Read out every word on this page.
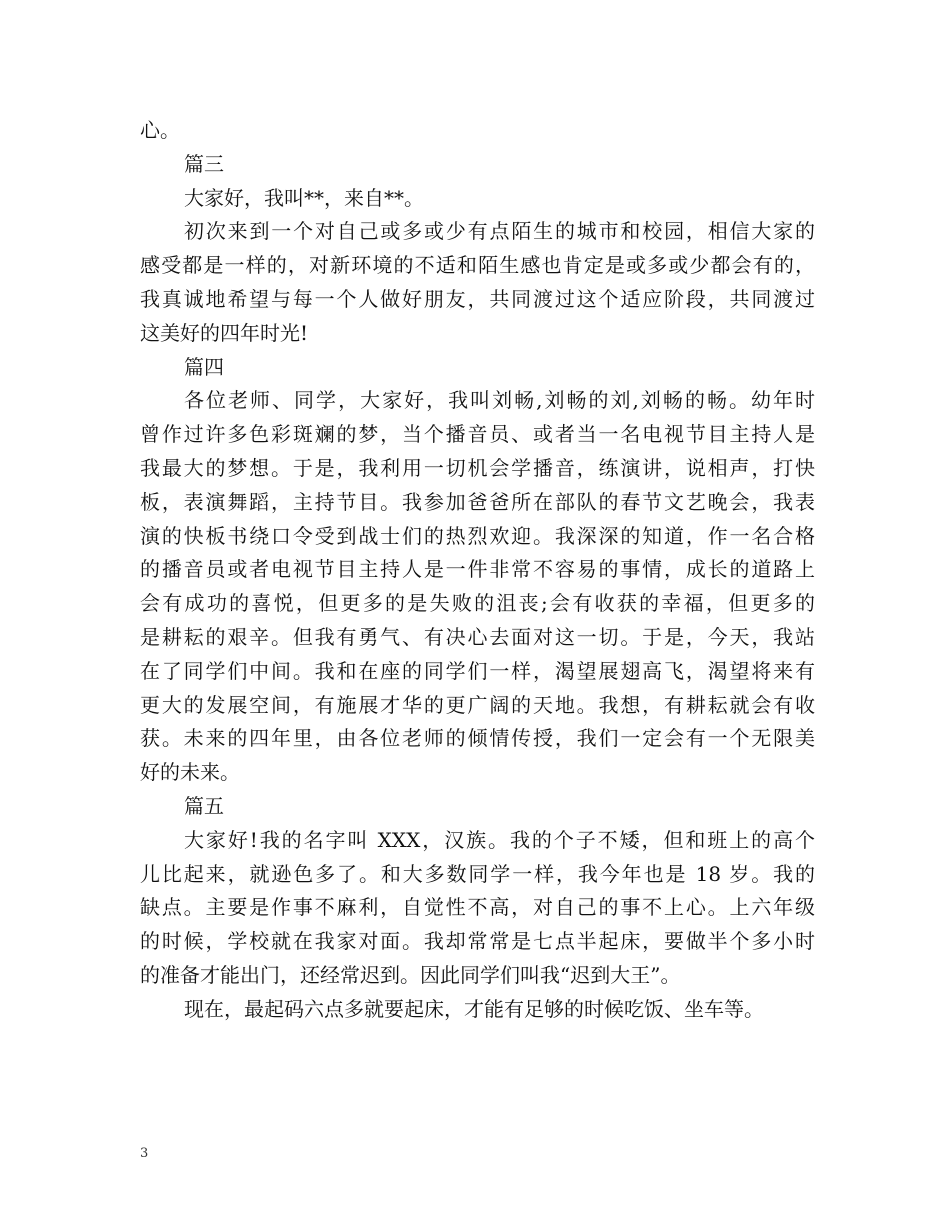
心。
篇三
大家好，我叫**，来自**。
初次来到一个对自己或多或少有点陌生的城市和校园，相信大家的
感受都是一样的，对新环境的不适和陌生感也肯定是或多或少都会有的，
我真诚地希望与每一个人做好朋友，共同渡过这个适应阶段，共同渡过
这美好的四年时光!
篇四
各位老师、同学，大家好，我叫刘畅,刘畅的刘,刘畅的畅。幼年时
曾作过许多色彩斑斓的梦，当个播音员、或者当一名电视节目主持人是
我最大的梦想。于是，我利用一切机会学播音，练演讲，说相声，打快
板，表演舞蹈，主持节目。我参加爸爸所在部队的春节文艺晚会，我表
演的快板书绕口令受到战士们的热烈欢迎。我深深的知道，作一名合格
的播音员或者电视节目主持人是一件非常不容易的事情，成长的道路上
会有成功的喜悦，但更多的是失败的沮丧;会有收获的幸福，但更多的
是耕耘的艰辛。但我有勇气、有决心去面对这一切。于是，今天，我站
在了同学们中间。我和在座的同学们一样，渴望展翅高飞，渴望将来有
更大的发展空间，有施展才华的更广阔的天地。我想，有耕耘就会有收
获。未来的四年里，由各位老师的倾情传授，我们一定会有一个无限美
好的未来。
篇五
大家好!我的名字叫 XXX，汉族。我的个子不矮，但和班上的高个
儿比起来，就逊色多了。和大多数同学一样，我今年也是 18 岁。我的
缺点。主要是作事不麻利，自觉性不高，对自己的事不上心。上六年级
的时候，学校就在我家对面。我却常常是七点半起床，要做半个多小时
的准备才能出门，还经常迟到。因此同学们叫我“迟到大王”。
现在，最起码六点多就要起床，才能有足够的时候吃饭、坐车等。
3
